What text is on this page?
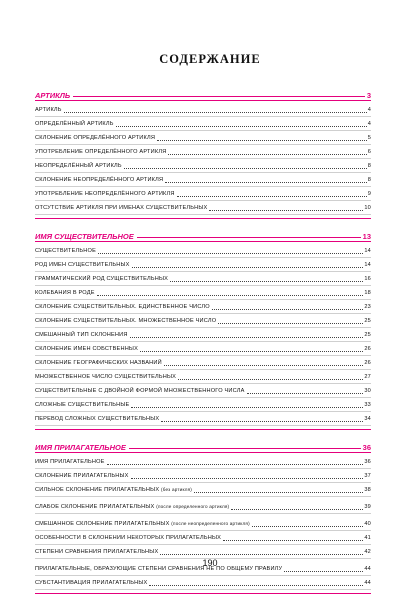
СОДЕРЖАНИЕ
АРТИКЛЬ	3
АРТИКЛЬ	4
ОПРЕДЕЛЁННЫЙ АРТИКЛЬ	4
СКЛОНЕНИЕ ОПРЕДЕЛЁННОГО АРТИКЛЯ	5
УПОТРЕБЛЕНИЕ ОПРЕДЕЛЁННОГО АРТИКЛЯ	6
НЕОПРЕДЕЛЁННЫЙ АРТИКЛЬ	8
СКЛОНЕНИЕ НЕОПРЕДЕЛЁННОГО АРТИКЛЯ	8
УПОТРЕБЛЕНИЕ НЕОПРЕДЕЛЁННОГО АРТИКЛЯ	9
ОТСУТСТВИЕ АРТИКЛЯ ПРИ ИМЕНАХ СУЩЕСТВИТЕЛЬНЫХ	10
ИМЯ СУЩЕСТВИТЕЛЬНОЕ	13
СУЩЕСТВИТЕЛЬНОЕ	14
РОД ИМЕН СУЩЕСТВИТЕЛЬНЫХ	14
ГРАММАТИЧЕСКИЙ РОД СУЩЕСТВИТЕЛЬНЫХ	16
КОЛЕБАНИЯ В РОДЕ	18
СКЛОНЕНИЕ СУЩЕСТВИТЕЛЬНЫХ. ЕДИНСТВЕННОЕ ЧИСЛО	23
СКЛОНЕНИЕ СУЩЕСТВИТЕЛЬНЫХ. МНОЖЕСТВЕННОЕ ЧИСЛО	25
СМЕШАННЫЙ ТИП СКЛОНЕНИЯ	25
СКЛОНЕНИЕ ИМЕН СОБСТВЕННЫХ	26
СКЛОНЕНИЕ ГЕОГРАФИЧЕСКИХ НАЗВАНИЙ	26
МНОЖЕСТВЕННОЕ ЧИСЛО СУЩЕСТВИТЕЛЬНЫХ	27
СУЩЕСТВИТЕЛЬНЫЕ С ДВОЙНОЙ ФОРМОЙ МНОЖЕСТВЕННОГО ЧИСЛА	30
СЛОЖНЫЕ СУЩЕСТВИТЕЛЬНЫЕ	33
ПЕРЕВОД СЛОЖНЫХ СУЩЕСТВИТЕЛЬНЫХ	34
ИМЯ ПРИЛАГАТЕЛЬНОЕ	36
ИМЯ ПРИЛАГАТЕЛЬНОЕ	36
СКЛОНЕНИЕ ПРИЛАГАТЕЛЬНЫХ	37
СИЛЬНОЕ СКЛОНЕНИЕ ПРИЛАГАТЕЛЬНЫХ (без артикля)	38
СЛАБОЕ СКЛОНЕНИЕ ПРИЛАГАТЕЛЬНЫХ (после определенного артикля)	39
СМЕШАННОЕ СКЛОНЕНИЕ ПРИЛАГАТЕЛЬНЫХ (после неопределенного артикля)	40
ОСОБЕННОСТИ В СКЛОНЕНИИ НЕКОТОРЫХ ПРИЛАГАТЕЛЬНЫХ	41
СТЕПЕНИ СРАВНЕНИЯ ПРИЛАГАТЕЛЬНЫХ	42
ПРИЛАГАТЕЛЬНЫЕ, ОБРАЗУЮЩИЕ СТЕПЕНИ СРАВНЕНИЯ НЕ ПО ОБЩЕМУ ПРАВИЛУ	44
СУБСТАНТИВАЦИЯ ПРИЛАГАТЕЛЬНЫХ	44
190
